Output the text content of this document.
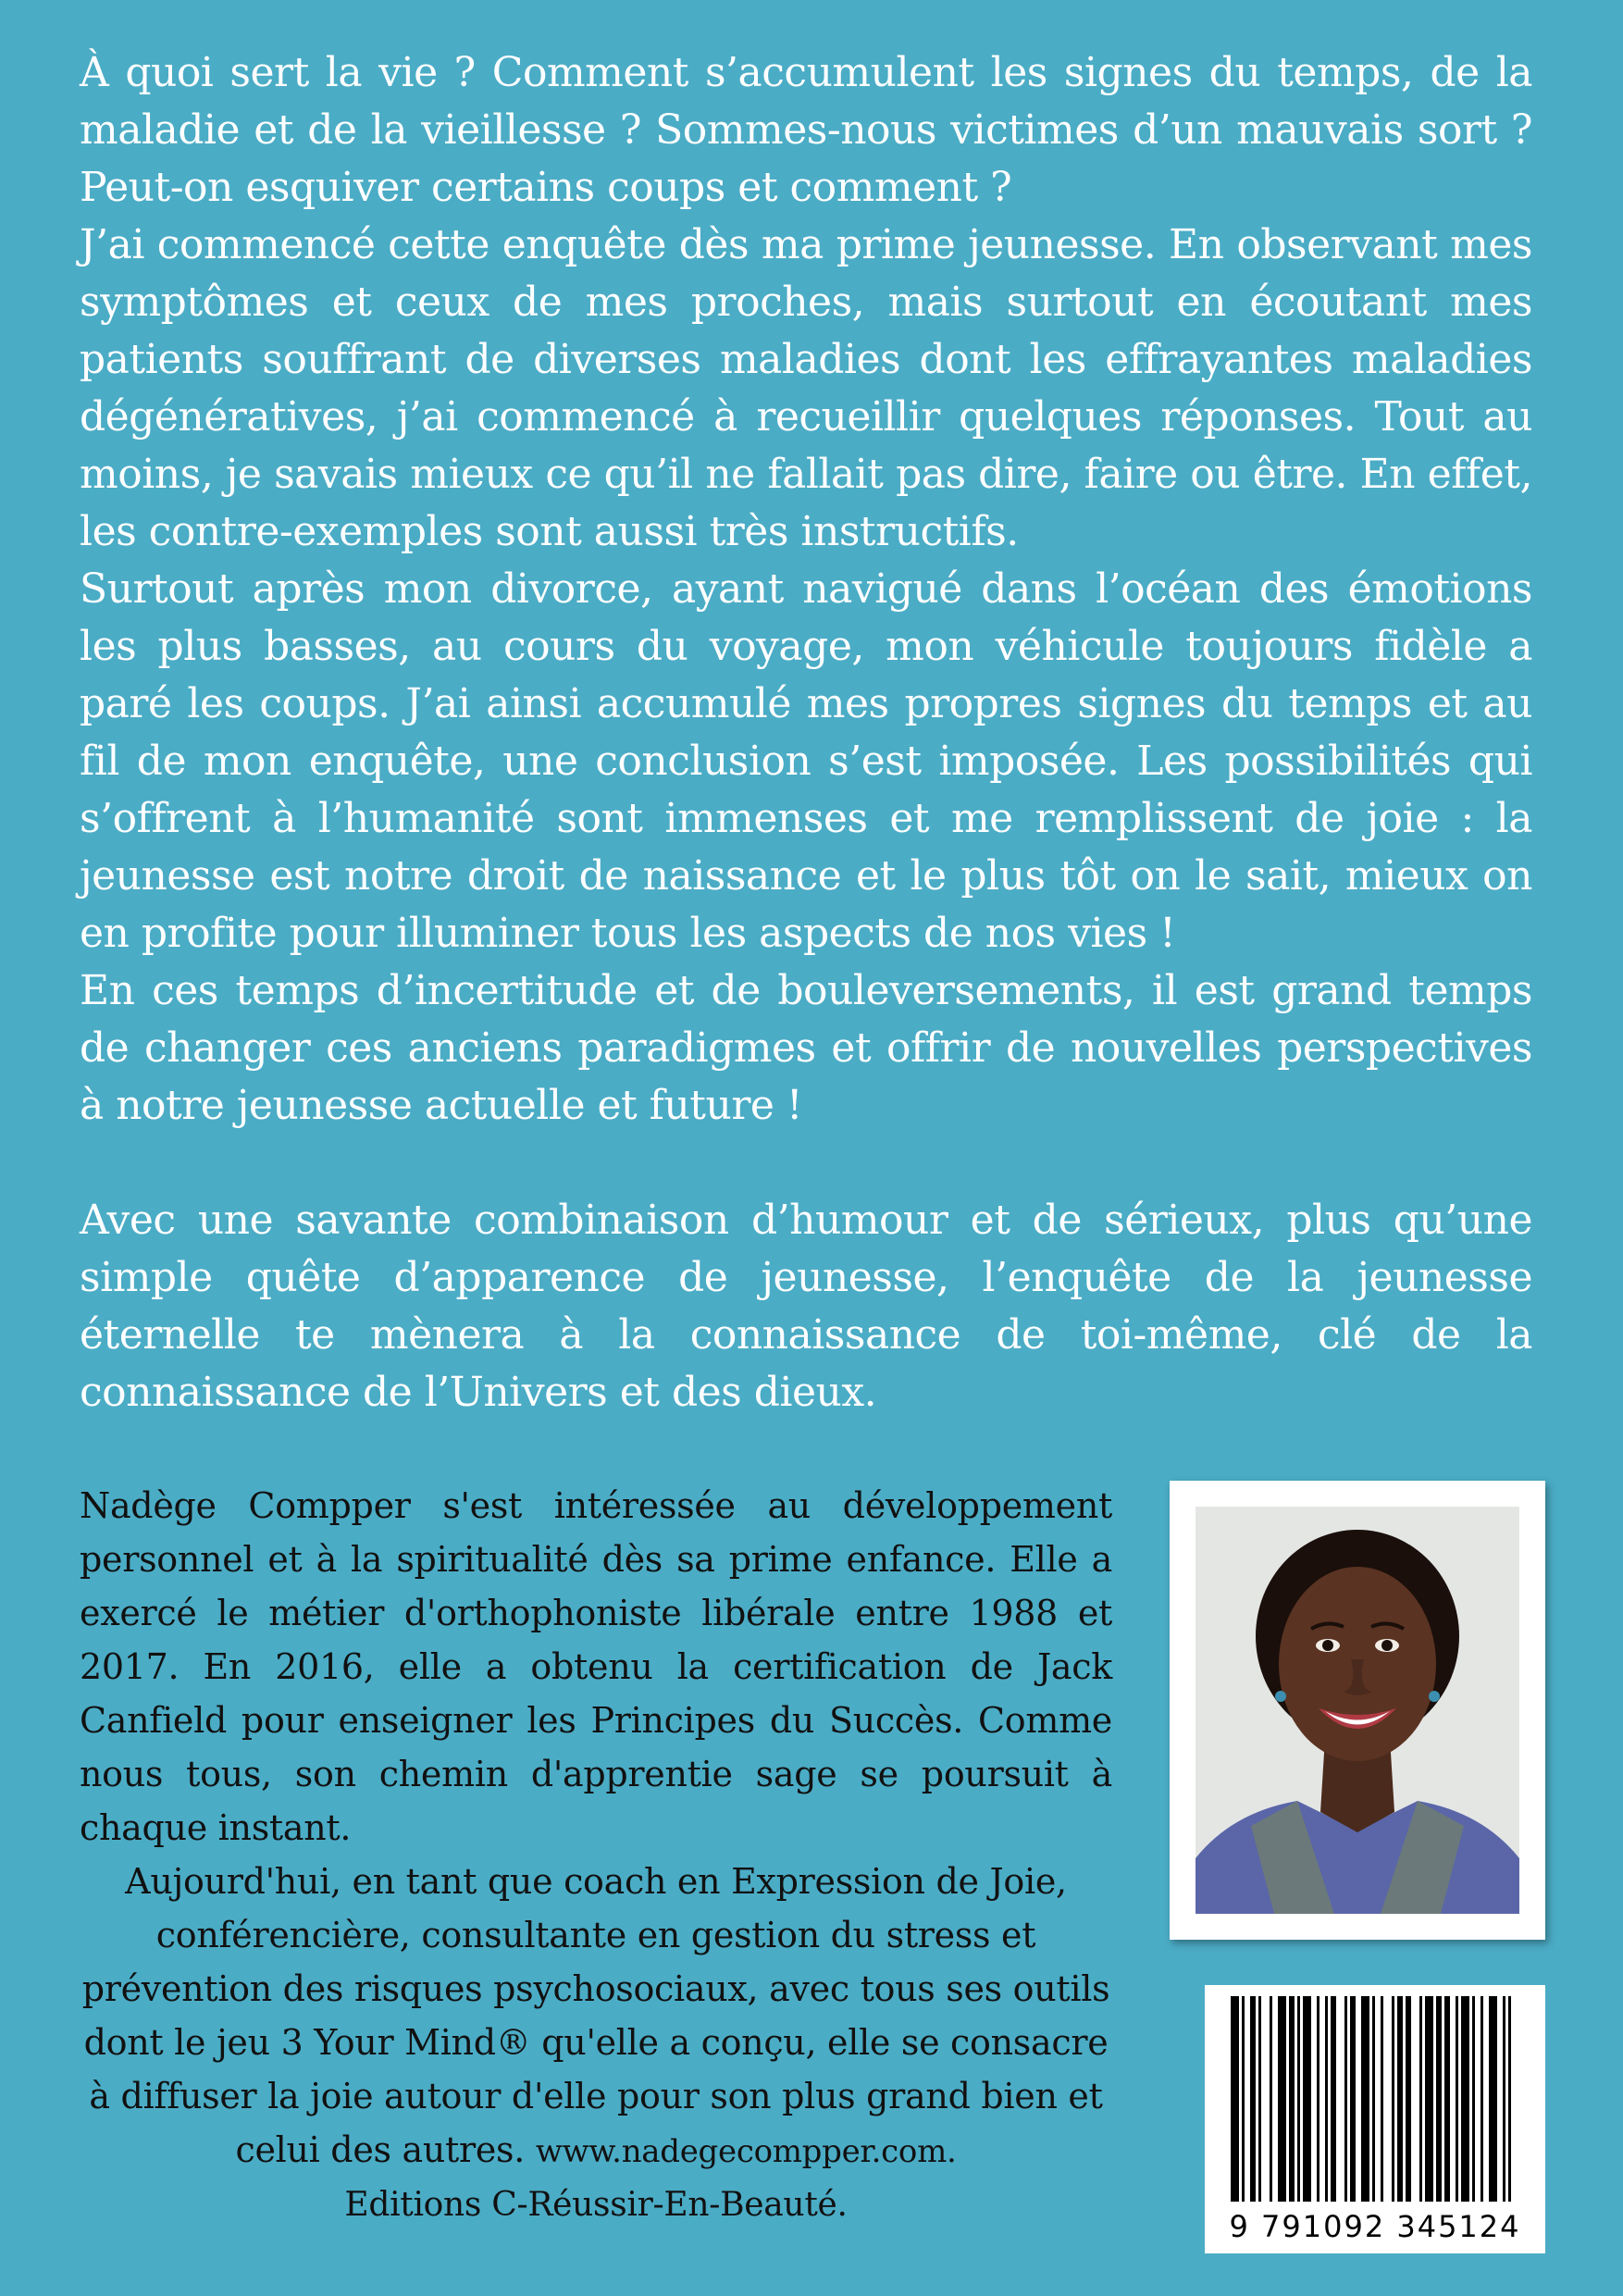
À quoi sert la vie ? Comment s’accumulent les signes du temps, de la maladie et de la vieillesse ? Sommes-nous victimes d’un mauvais sort ? Peut-on esquiver certains coups et comment ?

J’ai commencé cette enquête dès ma prime jeunesse. En observant mes symptômes et ceux de mes proches, mais surtout en écoutant mes patients souffrant de diverses maladies dont les effrayantes maladies dégénératives, j’ai commencé à recueillir quelques réponses. Tout au moins, je savais mieux ce qu’il ne fallait pas dire, faire ou être. En effet, les contre-exemples sont aussi très instructifs.

Surtout après mon divorce, ayant navigué dans l’océan des émotions les plus basses, au cours du voyage, mon véhicule toujours fidèle a paré les coups. J’ai ainsi accumulé mes propres signes du temps et au fil de mon enquête, une conclusion s’est imposée. Les possibilités qui s’offrent à l’humanité sont immenses et me remplissent de joie : la jeunesse est notre droit de naissance et le plus tôt on le sait, mieux on en profite pour illuminer tous les aspects de nos vies !

En ces temps d’incertitude et de bouleversements, il est grand temps de changer ces anciens paradigmes et offrir de nouvelles perspectives à notre jeunesse actuelle et future !

Avec une savante combinaison d’humour et de sérieux, plus qu’une simple quête d’apparence de jeunesse, l’enquête de la jeunesse éternelle te mènera à la connaissance de toi-même, clé de la connaissance de l’Univers et des dieux.

Nadège Compper s'est intéressée au développement personnel et à la spiritualité dès sa prime enfance. Elle a exercé le métier d'orthophoniste libérale entre 1988 et 2017. En 2016, elle a obtenu la certification de Jack Canfield pour enseigner les Principes du Succès. Comme nous tous, son chemin d'apprentie sage se poursuit à chaque instant.

Aujourd'hui, en tant que coach en Expression de Joie, conférencière, consultante en gestion du stress et prévention des risques psychosociaux, avec tous ses outils dont le jeu 3 Your Mind® qu'elle a conçu, elle se consacre à diffuser la joie autour d'elle pour son plus grand bien et celui des autres. www.nadegecompper.com.

Editions C-Réussir-En-Beauté.

9 791092 345124
